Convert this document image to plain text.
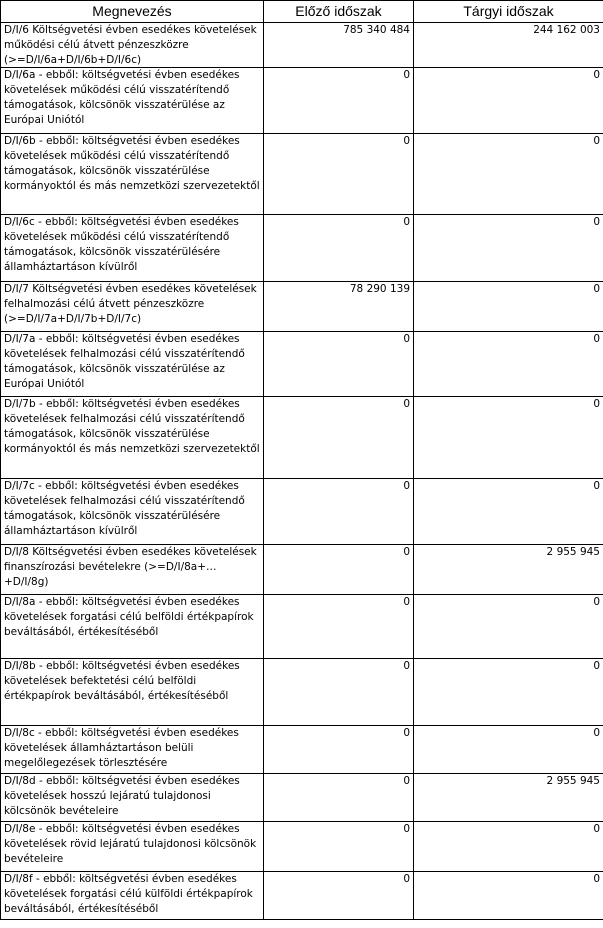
Megnevezés	Előző időszak	Tárgyi időszak

D/I/6 Költségvetési évben esedékes követelések működési célú átvett pénzeszközre (>=D/I/6a+D/I/6b+D/I/6c)	785 340 484	244 162 003

D/I/6a - ebből: költségvetési évben esedékes követelések működési célú visszatérítendő támogatások, kölcsönök visszatérülése az Európai Uniótól	0	0

D/I/6b - ebből: költségvetési évben esedékes követelések működési célú visszatérítendő támogatások, kölcsönök visszatérülése kormányoktól és más nemzetközi szervezetektől	0	0

D/I/6c - ebből: költségvetési évben esedékes követelések működési célú visszatérítendő támogatások, kölcsönök visszatérülésére államháztartáson kívülről	0	0

D/I/7 Költségvetési évben esedékes követelések felhalmozási célú átvett pénzeszközre (>=D/I/7a+D/I/7b+D/I/7c)	78 290 139	0

D/I/7a - ebből: költségvetési évben esedékes követelések felhalmozási célú visszatérítendő támogatások, kölcsönök visszatérülése az Európai Uniótól	0	0

D/I/7b - ebből: költségvetési évben esedékes követelések felhalmozási célú visszatérítendő támogatások, kölcsönök visszatérülése kormányoktól és más nemzetközi szervezetektől	0	0

D/I/7c - ebből: költségvetési évben esedékes követelések felhalmozási célú visszatérítendő támogatások, kölcsönök visszatérülésére államháztartáson kívülről	0	0

D/I/8 Költségvetési évben esedékes követelések finanszírozási bevételekre (>=D/I/8a+…+D/I/8g)	0	2 955 945

D/I/8a - ebből: költségvetési évben esedékes követelések forgatási célú belföldi értékpapírok beváltásából, értékesítéséből	0	0

D/I/8b - ebből: költségvetési évben esedékes követelések befektetési célú belföldi értékpapírok beváltásából, értékesítéséből	0	0

D/I/8c - ebből: költségvetési évben esedékes követelések államháztartáson belüli megelőlegezések törlesztésére	0	0

D/I/8d - ebből: költségvetési évben esedékes követelések hosszú lejáratú tulajdonosi kölcsönök bevételeire	0	2 955 945

D/I/8e - ebből: költségvetési évben esedékes követelések rövid lejáratú tulajdonosi kölcsönök bevételeire	0	0

D/I/8f - ebből: költségvetési évben esedékes követelések forgatási célú külföldi értékpapírok beváltásából, értékesítéséből	0	0
